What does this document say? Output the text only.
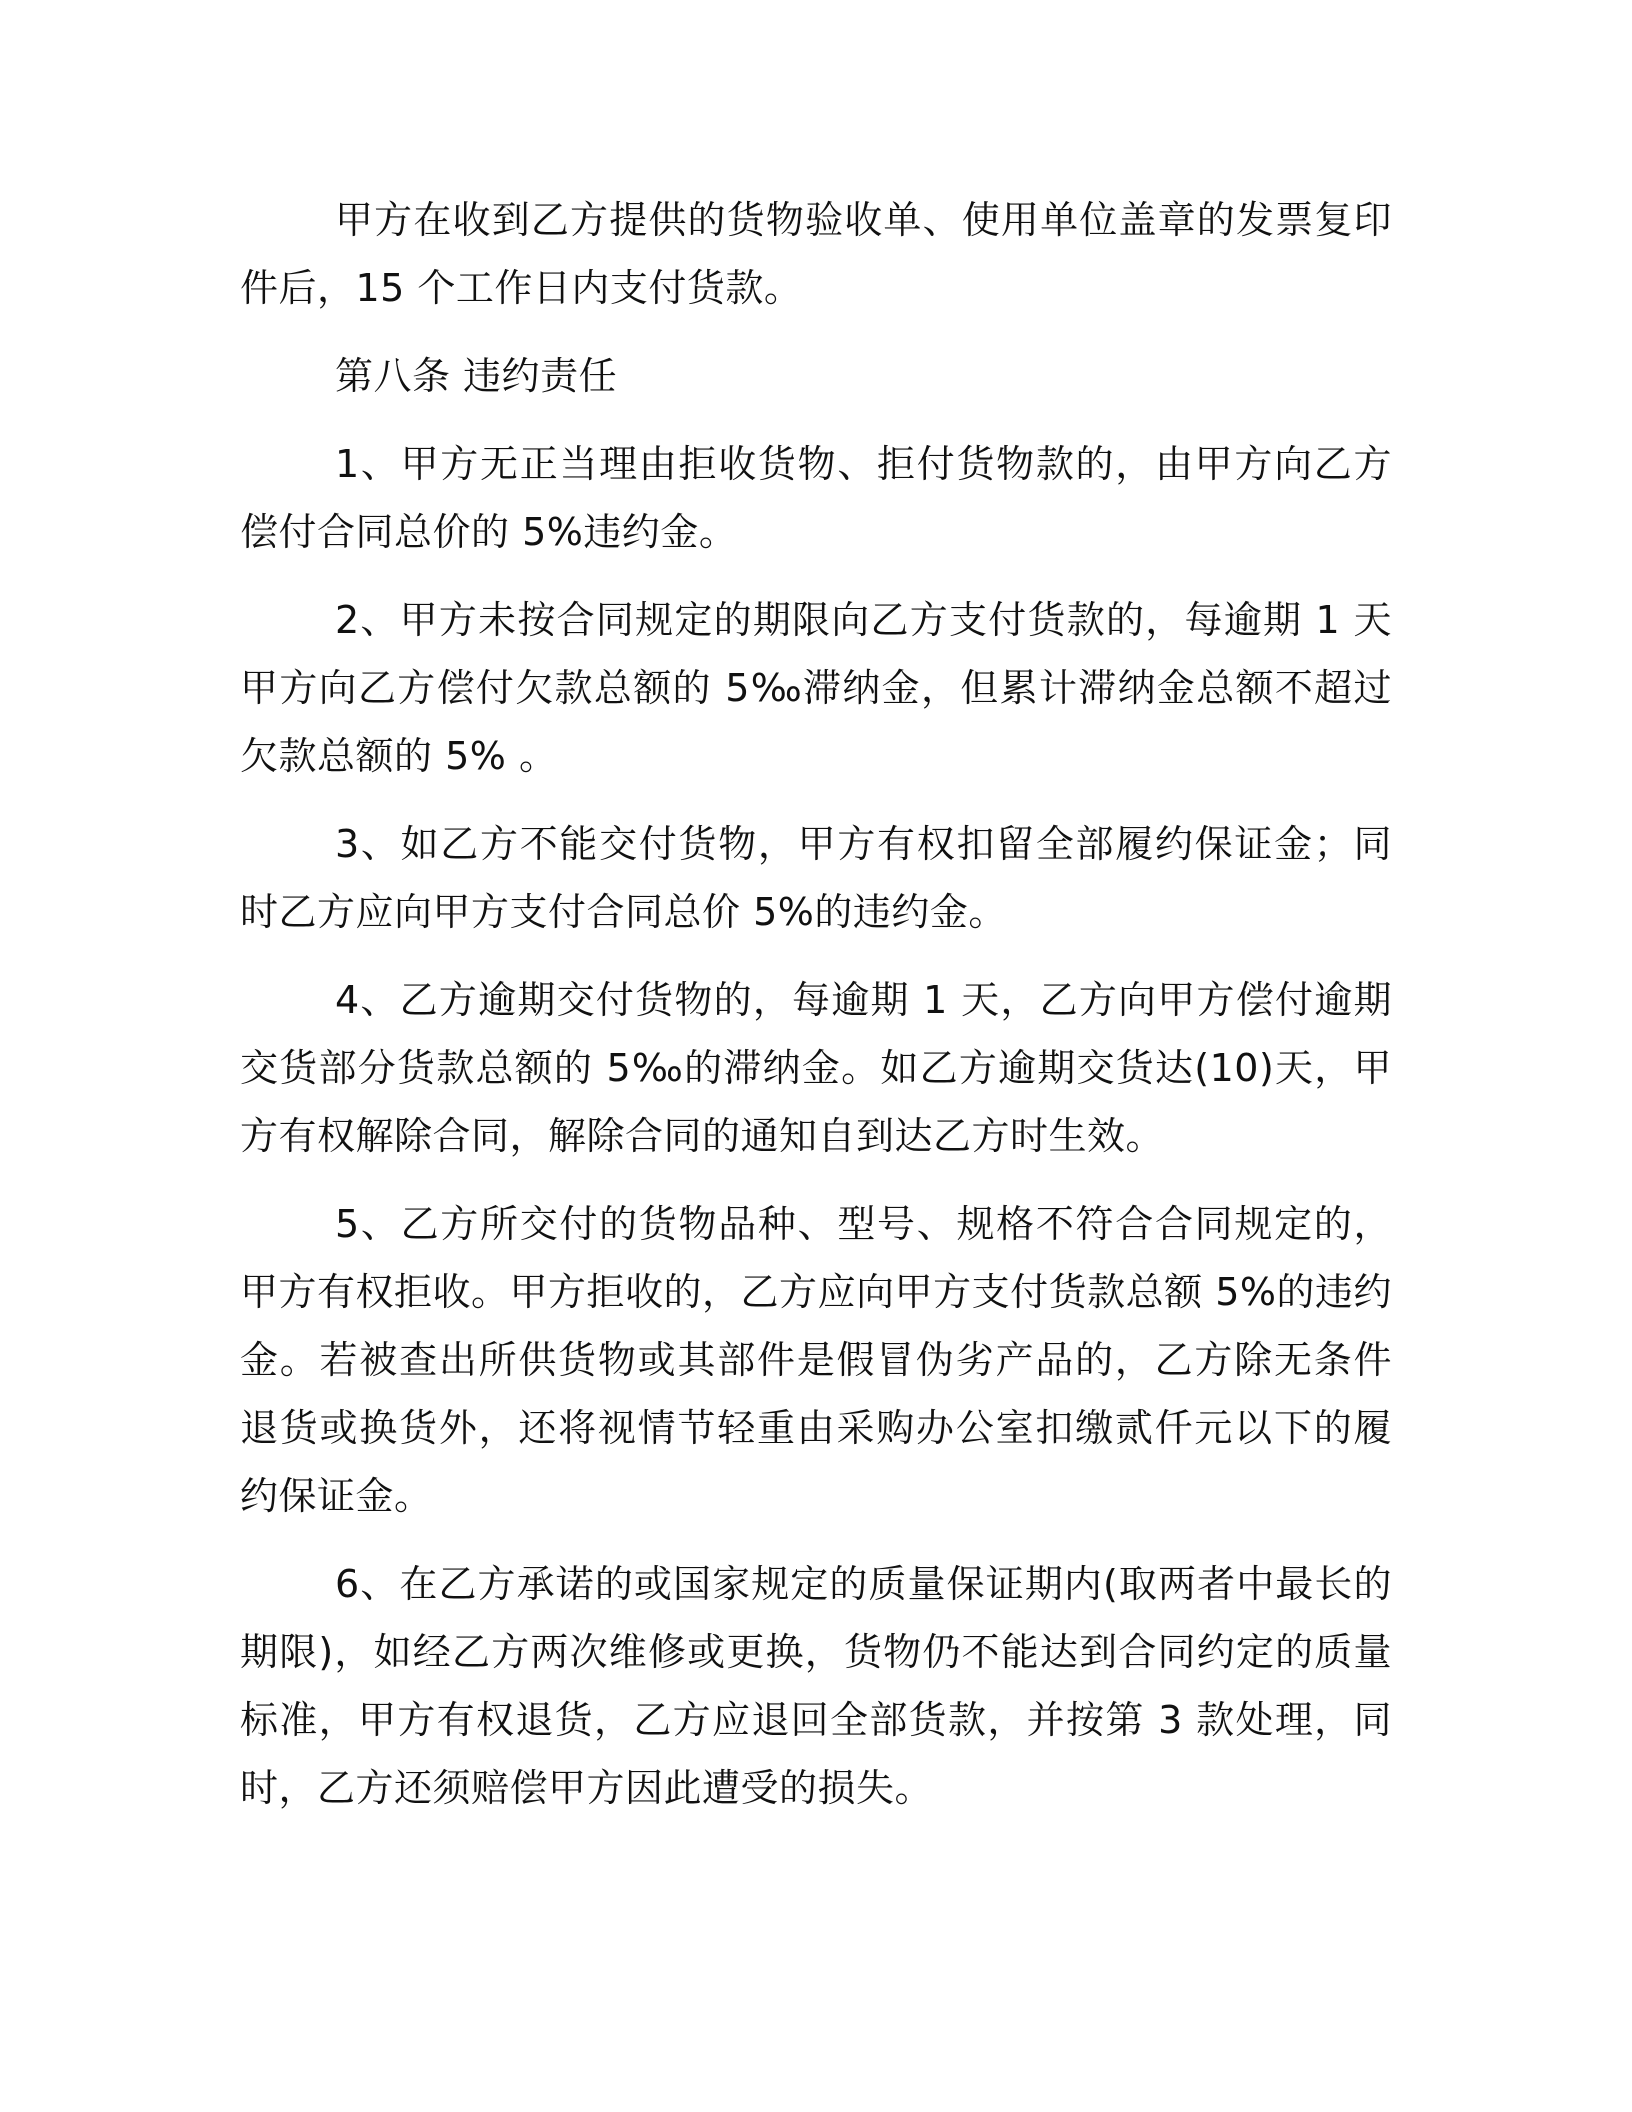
甲方在收到乙方提供的货物验收单、使用单位盖章的发票复印件后，15 个工作日内支付货款。

第八条 违约责任

1、甲方无正当理由拒收货物、拒付货物款的，由甲方向乙方偿付合同总价的 5%违约金。

2、甲方未按合同规定的期限向乙方支付货款的，每逾期 1 天甲方向乙方偿付欠款总额的 5‰滞纳金，但累计滞纳金总额不超过欠款总额的 5% 。

3、如乙方不能交付货物，甲方有权扣留全部履约保证金；同时乙方应向甲方支付合同总价 5%的违约金。

4、乙方逾期交付货物的，每逾期 1 天，乙方向甲方偿付逾期交货部分货款总额的 5‰的滞纳金。如乙方逾期交货达(10)天，甲方有权解除合同，解除合同的通知自到达乙方时生效。

5、乙方所交付的货物品种、型号、规格不符合合同规定的，甲方有权拒收。甲方拒收的，乙方应向甲方支付货款总额 5%的违约金。若被查出所供货物或其部件是假冒伪劣产品的，乙方除无条件退货或换货外，还将视情节轻重由采购办公室扣缴贰仟元以下的履约保证金。

6、在乙方承诺的或国家规定的质量保证期内(取两者中最长的期限)，如经乙方两次维修或更换，货物仍不能达到合同约定的质量标准，甲方有权退货，乙方应退回全部货款，并按第 3 款处理，同时，乙方还须赔偿甲方因此遭受的损失。
